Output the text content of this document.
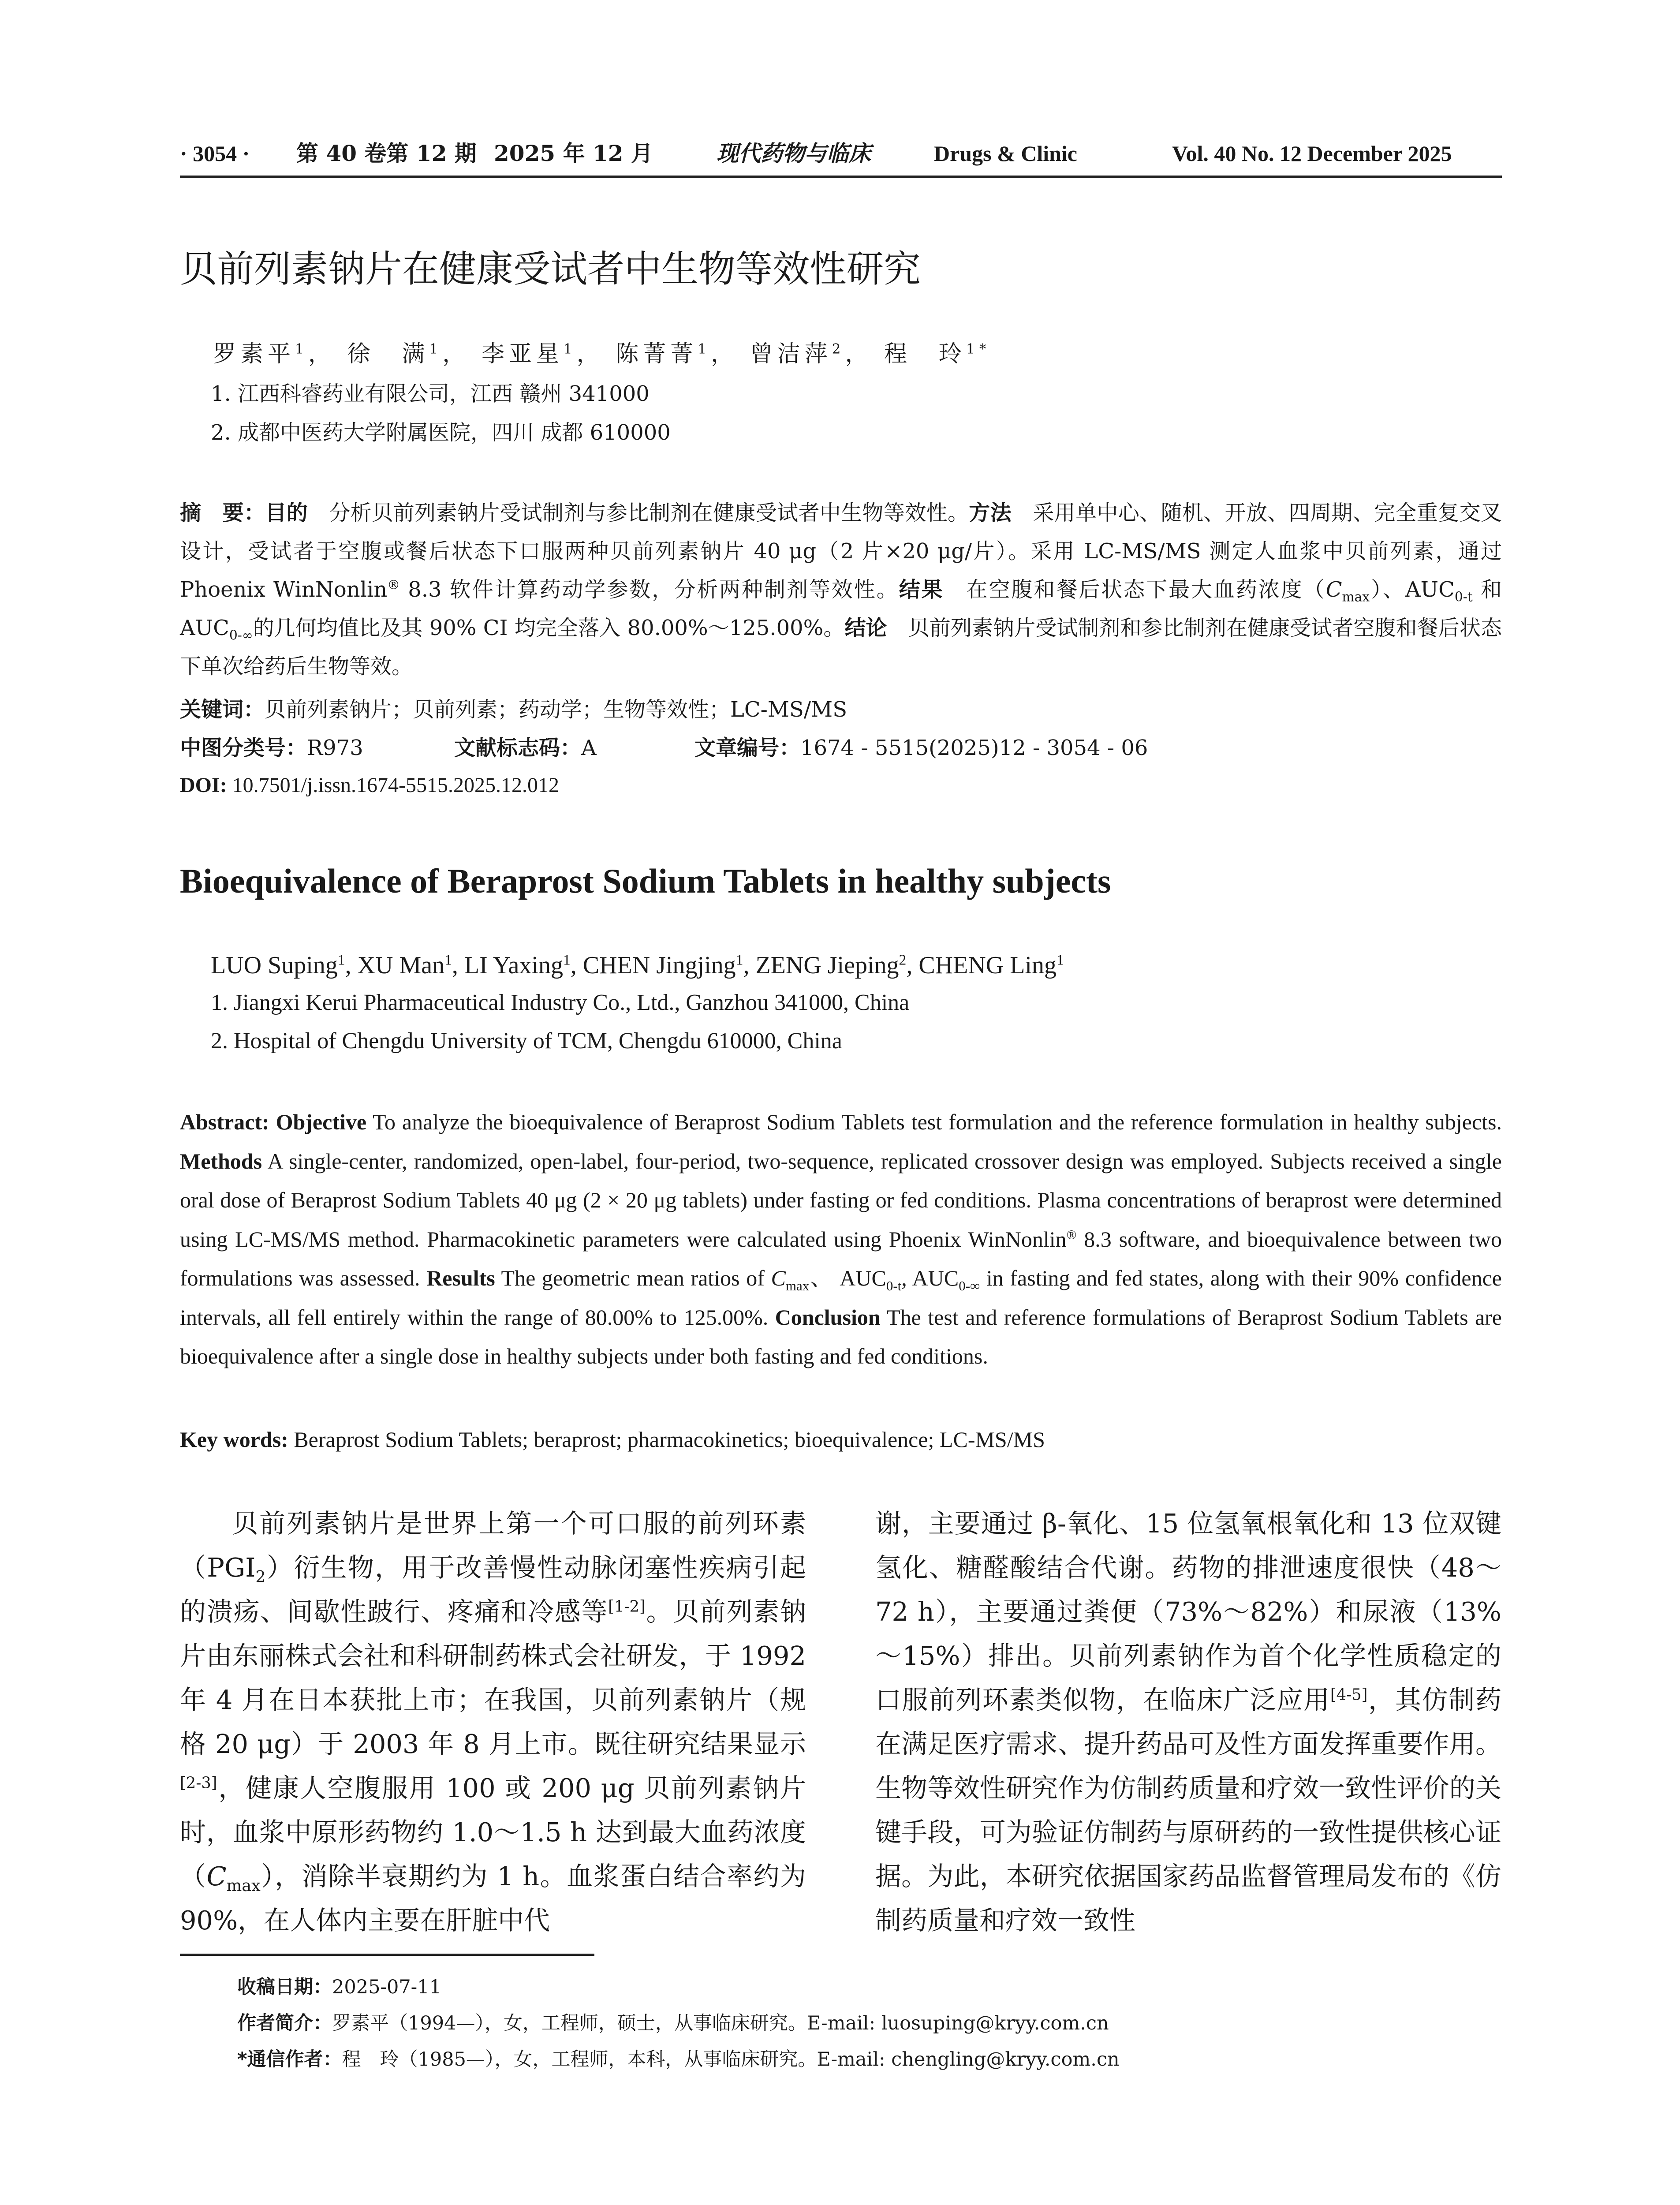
· 3054 · 第 40 卷第 12 期 2025 年 12 月	现代药物与临床	Drugs & Clinic	Vol. 40 No. 12 December 2025
贝前列素钠片在健康受试者中生物等效性研究
罗素平$^1$， 徐　满$^1$， 李亚星$^1$， 陈菁菁$^1$， 曾洁萍$^2$， 程　玲$^{1*}$
1. 江西科睿药业有限公司，江西 赣州 341000
2. 成都中医药大学附属医院，四川 成都 610000
摘　要：目的　分析贝前列素钠片受试制剂与参比制剂在健康受试者中生物等效性。方法　采用单中心、随机、开放、四周期、完全重复交叉设计，受试者于空腹或餐后状态下口服两种贝前列素钠片 40 μg（2 片×20 μg/片）。采用 LC-MS/MS 测定人血浆中贝前列素，通过 Phoenix WinNonlin® 8.3 软件计算药动学参数，分析两种制剂等效性。结果　在空腹和餐后状态下最大血药浓度$(C_{max})$、$AUC_{0-t}$ 和 $AUC_{0-\infty}$的几何均值比及其 90% CI 均完全落入 80.00%～125.00%。结论　贝前列素钠片受试制剂和参比制剂在健康受试者空腹和餐后状态下单次给药后生物等效。
关键词：贝前列素钠片；贝前列素；药动学；生物等效性；LC-MS/MS
中图分类号：R973	文献标志码：A	文章编号：1674 - 5515(2025)12 - 3054 - 06
DOI: 10.7501/j.issn.1674-5515.2025.12.012
Bioequivalence of Beraprost Sodium Tablets in healthy subjects
LUO Suping$^1$, XU Man$^1$, LI Yaxing$^1$, CHEN Jingjing$^1$, ZENG Jieping$^2$, CHENG Ling$^1$
1. Jiangxi Kerui Pharmaceutical Industry Co., Ltd., Ganzhou 341000, China
2. Hospital of Chengdu University of TCM, Chengdu 610000, China
Abstract: Objective To analyze the bioequivalence of Beraprost Sodium Tablets test formulation and the reference formulation in healthy subjects. Methods A single-center, randomized, open-label, four-period, two-sequence, replicated crossover design was employed. Subjects received a single oral dose of Beraprost Sodium Tablets 40 μg (2 × 20 μg tablets) under fasting or fed conditions. Plasma concentrations of beraprost were determined using LC-MS/MS method. Pharmacokinetic parameters were calculated using Phoenix WinNonlin® 8.3 software, and bioequivalence between two formulations was assessed. Results The geometric mean ratios of $C_{max}$、 $AUC_{0-t}$, $AUC_{0-\infty}$ in fasting and fed states, along with their 90% confidence intervals, all fell entirely within the range of 80.00% to 125.00%. Conclusion The test and reference formulations of Beraprost Sodium Tablets are bioequivalence after a single dose in healthy subjects under both fasting and fed conditions.
Key words: Beraprost Sodium Tablets; beraprost; pharmacokinetics; bioequivalence; LC-MS/MS
贝前列素钠片是世界上第一个可口服的前列环素$(PGI_2)$衍生物，用于改善慢性动脉闭塞性疾病引起的溃疡、间歇性跛行、疼痛和冷感等[1-2]。贝前列素钠片由东丽株式会社和科研制药株式会社研发，于 1992 年 4 月在日本获批上市；在我国，贝前列素钠片（规格 20 μg）于 2003 年 8 月上市。既往研究结果显示[2-3]，健康人空腹服用 100 或 200 μg 贝前列素钠片时，血浆中原形药物约 1.0～1.5 h 达到最大血药浓度$(C_{max})$，消除半衰期约为 1 h。血浆蛋白结合率约为 90%，在人体内主要在肝脏中代
谢，主要通过 β-氧化、15 位氢氧根氧化和 13 位双键氢化、糖醛酸结合代谢。药物的排泄速度很快（48～72 h），主要通过粪便（73%～82%）和尿液（13%～15%）排出。贝前列素钠作为首个化学性质稳定的口服前列环素类似物，在临床广泛应用[4-5]，其仿制药在满足医疗需求、提升药品可及性方面发挥重要作用。生物等效性研究作为仿制药质量和疗效一致性评价的关键手段，可为验证仿制药与原研药的一致性提供核心证据。为此，本研究依据国家药品监督管理局发布的《仿制药质量和疗效一致性
收稿日期：2025-07-11
作者简介：罗素平（1994—），女，工程师，硕士，从事临床研究。E-mail: luosuping@kryy.com.cn
*通信作者：程　玲（1985—），女，工程师，本科，从事临床研究。E-mail: chengling@kryy.com.cn
